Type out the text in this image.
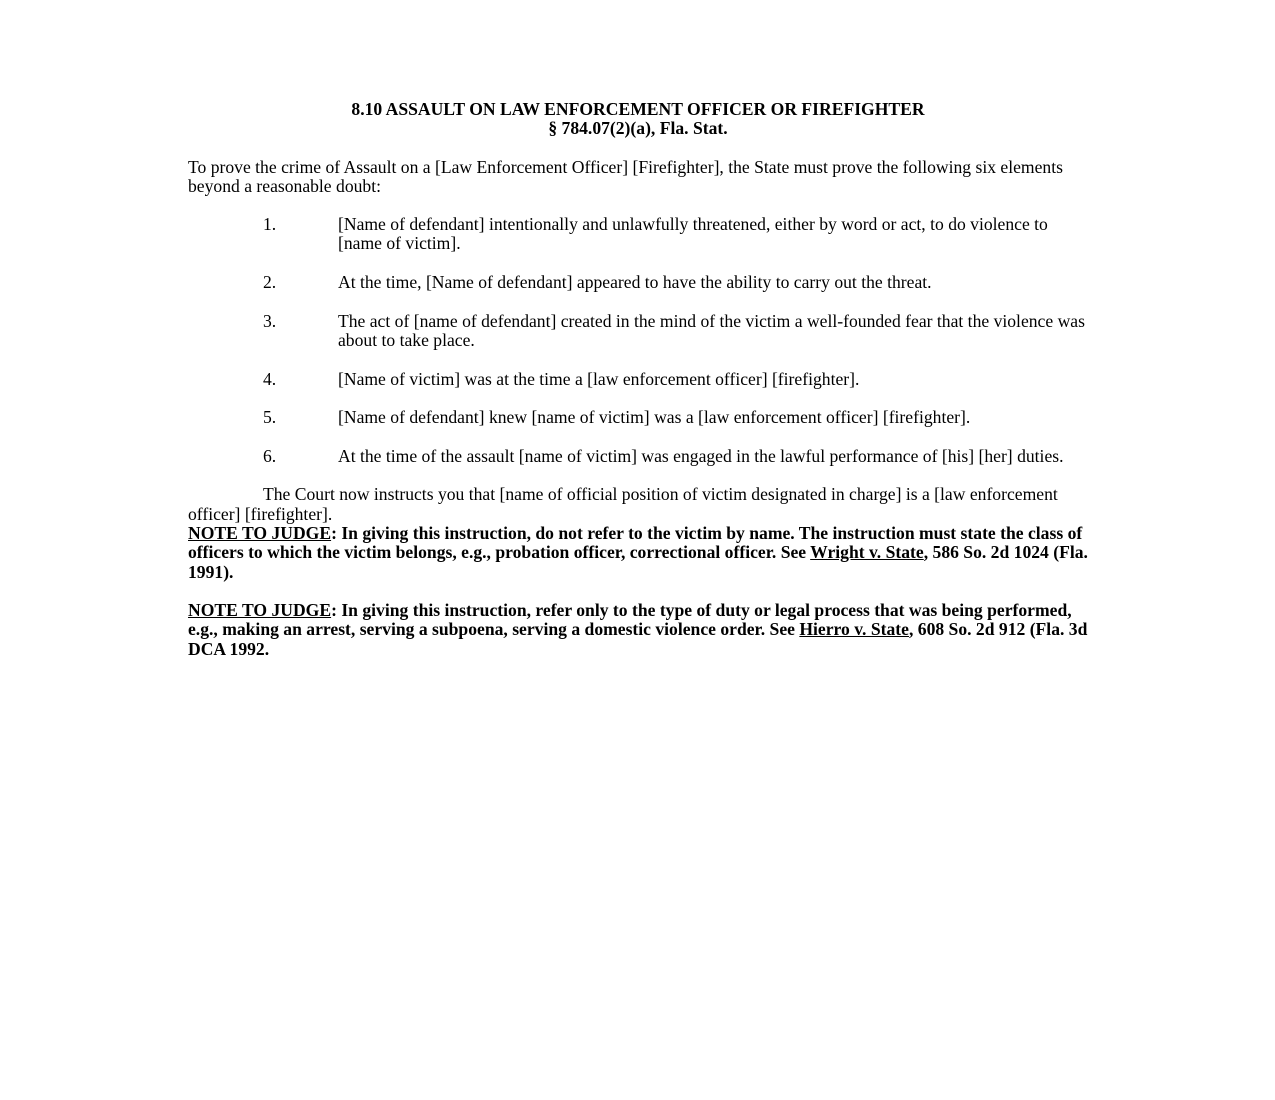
8.10 ASSAULT ON LAW ENFORCEMENT OFFICER OR FIREFIGHTER
§ 784.07(2)(a), Fla. Stat.

To prove the crime of Assault on a [Law Enforcement Officer] [Firefighter], the State must prove the following six elements beyond a reasonable doubt:

1.	[Name of defendant] intentionally and unlawfully threatened, either by word or act, to do violence to [name of victim].
2.	At the time, [Name of defendant] appeared to have the ability to carry out the threat.
3.	The act of [name of defendant] created in the mind of the victim a well-founded fear that the violence was about to take place.
4.	[Name of victim] was at the time a [law enforcement officer] [firefighter].
5.	[Name of defendant] knew [name of victim] was a [law enforcement officer] [firefighter].
6.	At the time of the assault [name of victim] was engaged in the lawful performance of [his] [her] duties.

The Court now instructs you that [name of official position of victim designated in charge] is a [law enforcement officer] [firefighter].

NOTE TO JUDGE: In giving this instruction, do not refer to the victim by name. The instruction must state the class of officers to which the victim belongs, e.g., probation officer, correctional officer. See Wright v. State, 586 So. 2d 1024 (Fla. 1991).

NOTE TO JUDGE: In giving this instruction, refer only to the type of duty or legal process that was being performed, e.g., making an arrest, serving a subpoena, serving a domestic violence order. See Hierro v. State, 608 So. 2d 912 (Fla. 3d DCA 1992.
